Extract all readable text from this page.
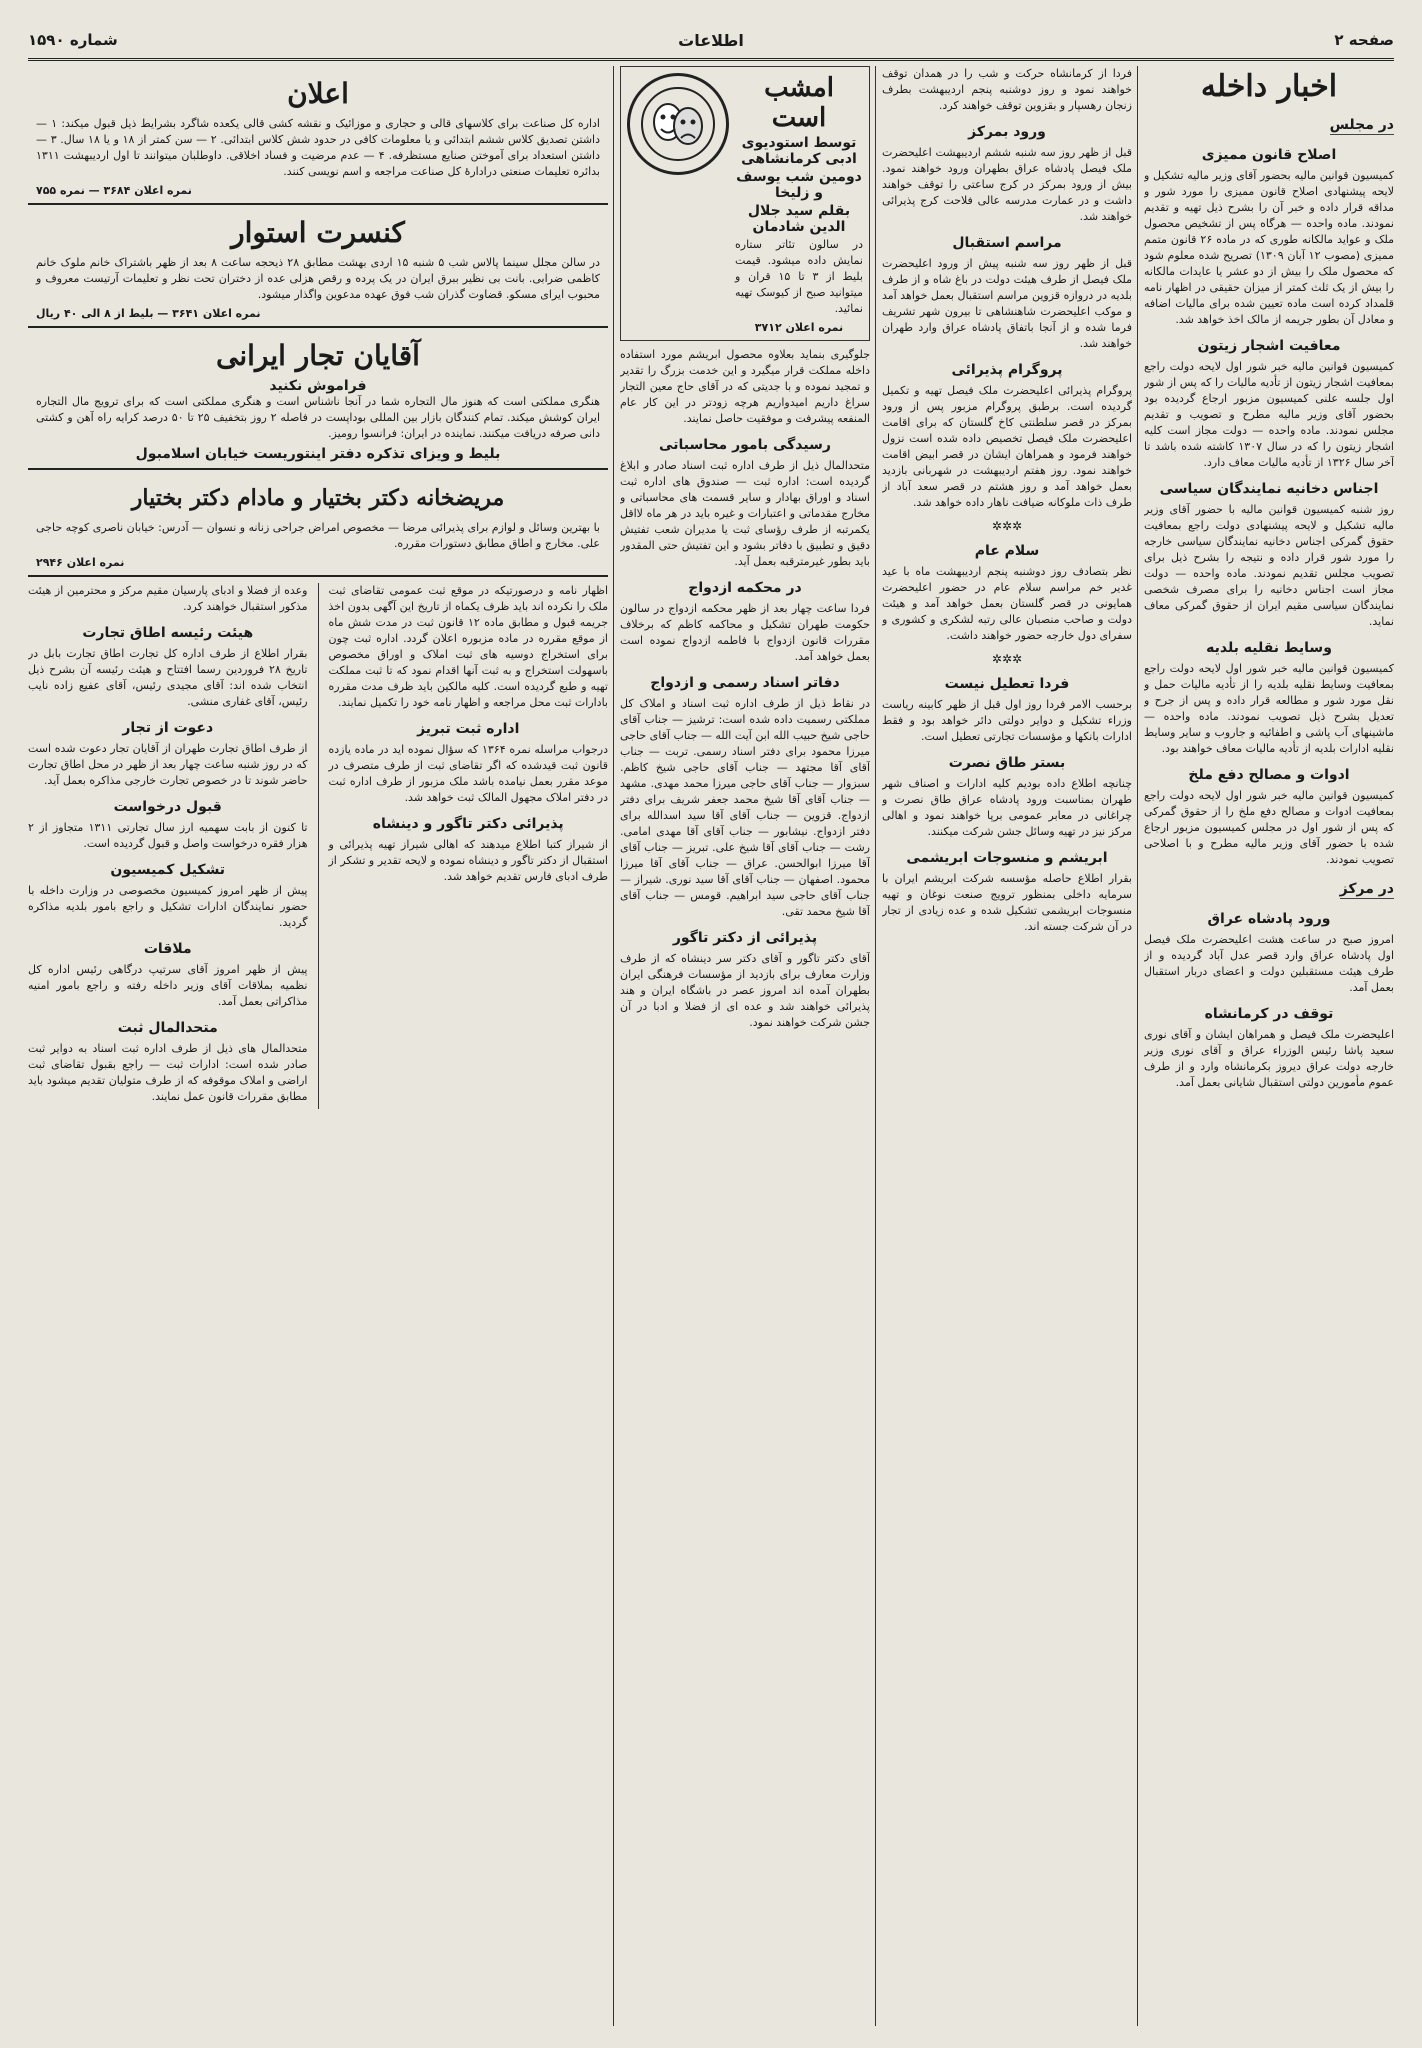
صفحه ۲
اطلاعات
شماره ۱۵۹۰
اخبار داخله
در مجلس
اصلاح قانون ممیزی

کمیسیون قوانین مالیه بحضور آقای وزیر مالیه تشکیل و لایحه پیشنهادی اصلاح قانون ممیزی را مورد شور و مداقه قرار داده و خبر آن را بشرح ذیل تهیه و تقدیم نمودند. ماده واحده — هرگاه پس از تشخیص محصول ملک و عواید مالکانه طوری که در ماده ۲۶ قانون متمم ممیزی (مصوب ۱۲ آبان ۱۳۰۹) تصریح شده معلوم شود که محصول ملک را بیش از دو عشر یا عایدات مالکانه را بیش از یک ثلث کمتر از میزان حقیقی در اظهار نامه قلمداد کرده است ماده تعیین شده برای مالیات اضافه و معادل آن بطور جریمه از مالک اخذ خواهد شد.

معافیت اشجار زیتون

کمیسیون قوانین مالیه خبر شور اول لایحه دولت راجع بمعافیت اشجار زیتون از تأدیه مالیات را که پس از شور اول جلسه علنی کمیسیون مزبور ارجاع گردیده بود بحضور آقای وزیر مالیه مطرح و تصویب و تقدیم مجلس نمودند. ماده واحده — دولت مجاز است کلیه اشجار زیتون را که در سال ۱۳۰۷ کاشته شده باشد تا آخر سال ۱۳۲۶ از تأدیه مالیات معاف دارد.

اجناس دخانیه نمایندگان سیاسی

روز شنبه کمیسیون قوانین مالیه با حضور آقای وزیر مالیه تشکیل و لایحه پیشنهادی دولت راجع بمعافیت حقوق گمرکی اجناس دخانیه نمایندگان سیاسی خارجه را مورد شور قرار داده و نتیجه را بشرح ذیل برای تصویب مجلس تقدیم نمودند. ماده واحده — دولت مجاز است اجناس دخانیه را برای مصرف شخصی نمایندگان سیاسی مقیم ایران از حقوق گمرکی معاف نماید.

وسایط نقلیه بلدیه

کمیسیون قوانین مالیه خبر شور اول لایحه دولت راجع بمعافیت وسایط نقلیه بلدیه را از تأدیه مالیات حمل و نقل مورد شور و مطالعه قرار داده و پس از جرح و تعدیل بشرح ذیل تصویب نمودند. ماده واحده — ماشینهای آب پاشی و اطفائیه و جاروب و سایر وسایط نقلیه ادارات بلدیه از تأدیه مالیات معاف خواهند بود.

ادوات و مصالح دفع ملخ

کمیسیون قوانین مالیه خبر شور اول لایحه دولت راجع بمعافیت ادوات و مصالح دفع ملخ را از حقوق گمرکی که پس از شور اول در مجلس کمیسیون مزبور ارجاع شده با حضور آقای وزیر مالیه مطرح و با اصلاحی تصویب نمودند.

در مرکز
ورود پادشاه عراق

امروز صبح در ساعت هشت اعلیحضرت ملک فیصل اول پادشاه عراق وارد قصر عدل آباد گردیده و از طرف هیئت مستقبلین دولت و اعضای دربار استقبال بعمل آمد.

توقف در کرمانشاه

اعلیحضرت ملک فیصل و همراهان ایشان و آقای نوری سعید پاشا رئیس الوزراء عراق و آقای نوری وزیر خارجه دولت عراق دیروز بکرمانشاه وارد و از طرف عموم مأمورین دولتی استقبال شایانی بعمل آمد.

فردا از کرمانشاه حرکت و شب را در همدان توقف خواهند نمود و روز دوشنبه پنجم اردیبهشت بطرف زنجان رهسپار و بقزوین توقف خواهند کرد.

ورود بمرکز

قبل از ظهر روز سه شنبه ششم اردیبهشت اعلیحضرت ملک فیصل پادشاه عراق بطهران ورود خواهند نمود. بیش از ورود بمرکز در کرج ساعتی را توقف خواهند داشت و در عمارت مدرسه عالی فلاحت کرج پذیرائی خواهند شد.

مراسم استقبال

قبل از ظهر روز سه شنبه پیش از ورود اعلیحضرت ملک فیصل از طرف هیئت دولت در باغ شاه و از طرف بلدیه در دروازه قزوین مراسم استقبال بعمل خواهد آمد و موکب اعلیحضرت شاهنشاهی تا بیرون شهر تشریف فرما شده و از آنجا باتفاق پادشاه عراق وارد طهران خواهند شد.

پروگرام پذیرائی

پروگرام پذیرائی اعلیحضرت ملک فیصل تهیه و تکمیل گردیده است. برطبق پروگرام مزبور پس از ورود بمرکز در قصر سلطنتی کاخ گلستان که برای اقامت اعلیحضرت ملک فیصل تخصیص داده شده است نزول خواهند فرمود و همراهان ایشان در قصر ابیض اقامت خواهند نمود. روز هفتم اردیبهشت در شهربانی بازدید بعمل خواهد آمد و روز هشتم در قصر سعد آباد از طرف ذات ملوکانه ضیافت ناهار داده خواهد شد.

✲✲✲
سلام عام

نظر بتصادف روز دوشنبه پنجم اردیبهشت ماه با عید غدیر خم مراسم سلام عام در حضور اعلیحضرت همایونی در قصر گلستان بعمل خواهد آمد و هیئت دولت و صاحب منصبان عالی رتبه لشکری و کشوری و سفرای دول خارجه حضور خواهند داشت.

✲✲✲
فردا تعطیل نیست

برحسب الامر فردا روز اول قبل از ظهر کابینه ریاست وزراء تشکیل و دوایر دولتی دائر خواهد بود و فقط ادارات بانکها و مؤسسات تجارتی تعطیل است.

بستر طاق نصرت

چنانچه اطلاع داده بودیم کلیه ادارات و اصناف شهر طهران بمناسبت ورود پادشاه عراق طاق نصرت و چراغانی در معابر عمومی برپا خواهند نمود و اهالی مرکز نیز در تهیه وسائل جشن شرکت میکنند.

ابریشم و منسوجات ابریشمی

بقرار اطلاع حاصله مؤسسه شرکت ابریشم ایران با سرمایه داخلی بمنظور ترویج صنعت نوغان و تهیه منسوجات ابریشمی تشکیل شده و عده زیادی از تجار در آن شرکت جسته اند.

امشب است
توسط استودیوی ادبی کرمانشاهی
دومین شب یوسف و زلیخا
بقلم سید جلال الدین شادمان

در سالون تئاتر ستاره نمایش داده میشود. قیمت بلیط از ۳ تا ۱۵ قران و میتوانید صبح از کیوسک تهیه نمائید.

نمره اعلان ۳۷۱۲

جلوگیری بنماید بعلاوه محصول ابریشم مورد استفاده داخله مملکت قرار میگیرد و این خدمت بزرگ را تقدیر و تمجید نموده و با جدیتی که در آقای حاج معین التجار سراغ داریم امیدواریم هرچه زودتر در این کار عام المنفعه پیشرفت و موفقیت حاصل نمایند.

رسیدگی بامور محاسباتی

متحدالمال ذیل از طرف اداره ثبت اسناد صادر و ابلاغ گردیده است: اداره ثبت — صندوق های اداره ثبت اسناد و اوراق بهادار و سایر قسمت های محاسباتی و مخارج مقدماتی و اعتبارات و غیره باید در هر ماه لااقل یکمرتبه از طرف رؤسای ثبت یا مدیران شعب تفتیش دقیق و تطبیق با دفاتر بشود و این تفتیش حتی المقدور باید بطور غیرمترقبه بعمل آید.

در محکمه ازدواج

فردا ساعت چهار بعد از ظهر محکمه ازدواج در سالون حکومت طهران تشکیل و محاکمه کاظم که برخلاف مقررات قانون ازدواج با فاطمه ازدواج نموده است بعمل خواهد آمد.

دفاتر اسناد رسمی و ازدواج

در نقاط ذیل از طرف اداره ثبت اسناد و املاک کل مملکتی رسمیت داده شده است: ترشیز — جناب آقای حاجی شیخ حبیب الله ابن آیت الله — جناب آقای حاجی میرزا محمود برای دفتر اسناد رسمی. تربت — جناب آقای آقا مجتهد — جناب آقای حاجی شیخ کاظم. سبزوار — جناب آقای حاجی میرزا محمد مهدی. مشهد — جناب آقای آقا شیخ محمد جعفر شریف برای دفتر ازدواج. قزوین — جناب آقای آقا سید اسدالله برای دفتر ازدواج. نیشابور — جناب آقای آقا مهدی امامی. رشت — جناب آقای آقا شیخ علی. تبریز — جناب آقای آقا میرزا ابوالحسن. عراق — جناب آقای آقا میرزا محمود. اصفهان — جناب آقای آقا سید نوری. شیراز — جناب آقای حاجی سید ابراهیم. قومس — جناب آقای آقا شیخ محمد تقی.

پذیرائی از دکتر تاگور

آقای دکتر تاگور و آقای دکتر سر دینشاه که از طرف وزارت معارف برای بازدید از مؤسسات فرهنگی ایران بطهران آمده اند امروز عصر در باشگاه ایران و هند پذیرائی خواهند شد و عده ای از فضلا و ادبا در آن جشن شرکت خواهند نمود.

اعلان

اداره کل صناعت برای کلاسهای قالی و حجاری و موزائیک و نقشه کشی قالی یکعده شاگرد بشرایط ذیل قبول میکند: ۱ — داشتن تصدیق کلاس ششم ابتدائی و یا معلومات کافی در حدود شش کلاس ابتدائی. ۲ — سن کمتر از ۱۸ و یا ۱۸ سال. ۳ — داشتن استعداد برای آموختن صنایع مستظرفه. ۴ — عدم مرضیت و فساد اخلاقی. داوطلبان میتوانند تا اول اردیبهشت ۱۳۱۱ بدائره تعلیمات صنعتی درادارهٔ کل صناعت مراجعه و اسم نویسی کنند.

نمره اعلان ۳۶۸۴ — نمره ۷۵۵
کنسرت استوار

در سالن مجلل سینما پالاس شب ۵ شنبه ۱۵ اردی بهشت مطابق ۲۸ ذیحجه ساعت ۸ بعد از ظهر باشتراک خانم ملوک خانم کاظمی ضرابی. بانت بی نظیر ببرق ایران در یک پرده و رقص هزلی عده از دختران تحت نظر و تعلیمات آرتیست معروف و محبوب ایرای مسکو. قضاوت گذران شب فوق عهده مدعوین واگذار میشود.

نمره اعلان ۳۶۴۱ — بلیط از ۸ الی ۴۰ ریال
آقایان تجار ایرانی
فراموش نکنید

هنگری مملکتی است که هنوز مال التجاره شما در آنجا ناشناس است و هنگری مملکتی است که برای ترویج مال التجاره ایران کوشش میکند. تمام کنندگان بازار بین المللی بوداپست در فاصله ۲ روز بتخفیف ۲۵ تا ۵۰ درصد کرایه راه آهن و کشتی دانی صرفه دریافت میکنند. نماینده در ایران: فرانسوا رومیز.

بلیط و ویزای تذکره دفتر اینتوریست خیابان اسلامبول
مریضخانه دکتر بختیار و مادام دکتر بختیار

با بهترین وسائل و لوازم برای پذیرائی مرضا — مخصوص امراض جراحی زنانه و نسوان — آدرس: خیابان ناصری کوچه حاجی علی. مخارج و اطاق مطابق دستورات مقرره.

نمره اعلان ۲۹۴۶

اظهار نامه و درصورتیکه در موقع ثبت عمومی تقاضای ثبت ملک را نکرده اند باید ظرف یکماه از تاریخ این آگهی بدون اخذ جریمه قبول و مطابق ماده ۱۲ قانون ثبت در مدت شش ماه از موقع مقرره در ماده مزبوره اعلان گردد. اداره ثبت چون برای استخراج دوسیه های ثبت املاک و اوراق مخصوص باسهولت استخراج و به ثبت آنها اقدام نمود که تا ثبت مملکت تهیه و طبع گردیده است. کلیه مالکین باید ظرف مدت مقرره بادارات ثبت محل مراجعه و اظهار نامه خود را تکمیل نمایند.

اداره ثبت تبریز

درجواب مراسله نمره ۱۳۶۴ که سؤال نموده اید در ماده یازده قانون ثبت قیدشده که اگر تقاضای ثبت از طرف متصرف در موعد مقرر بعمل نیامده باشد ملک مزبور از طرف اداره ثبت در دفتر املاک مجهول المالک ثبت خواهد شد.

پذیرائی دکتر تاگور و دینشاه

از شیراز کتبا اطلاع میدهند که اهالی شیراز تهیه پذیرائی و استقبال از دکتر تاگور و دینشاه نموده و لایحه تقدیر و تشکر از طرف ادبای فارس تقدیم خواهد شد.

وعده از فضلا و ادبای پارسیان مقیم مرکز و محترمین از هیئت مذکور استقبال خواهند کرد.

هیئت رئیسه اطاق تجارت

بقرار اطلاع از طرف اداره کل تجارت اطاق تجارت بابل در تاریخ ۲۸ فروردین رسما افتتاح و هیئت رئیسه آن بشرح ذیل انتخاب شده اند: آقای مجیدی رئیس، آقای عفیع زاده نایب رئیس، آقای غفاری منشی.

دعوت از تجار

از طرف اطاق تجارت طهران از آقایان تجار دعوت شده است که در روز شنبه ساعت چهار بعد از ظهر در محل اطاق تجارت حاضر شوند تا در خصوص تجارت خارجی مذاکره بعمل آید.

قبول درخواست

تا کنون از بابت سهمیه ارز سال تجارتی ۱۳۱۱ متجاوز از ۲ هزار فقره درخواست واصل و قبول گردیده است.

تشکیل کمیسیون

پیش از ظهر امروز کمیسیون مخصوصی در وزارت داخله با حضور نمایندگان ادارات تشکیل و راجع بامور بلدیه مذاکره گردید.

ملاقات

پیش از ظهر امروز آقای سرتیپ درگاهی رئیس اداره کل نظمیه بملاقات آقای وزیر داخله رفته و راجع بامور امنیه مذاکراتی بعمل آمد.

متحدالمال ثبت

متحدالمال های ذیل از طرف اداره ثبت اسناد به دوایر ثبت صادر شده است: ادارات ثبت — راجع بقبول تقاضای ثبت اراضی و املاک موقوفه که از طرف متولیان تقدیم میشود باید مطابق مقررات قانون عمل نمایند.
